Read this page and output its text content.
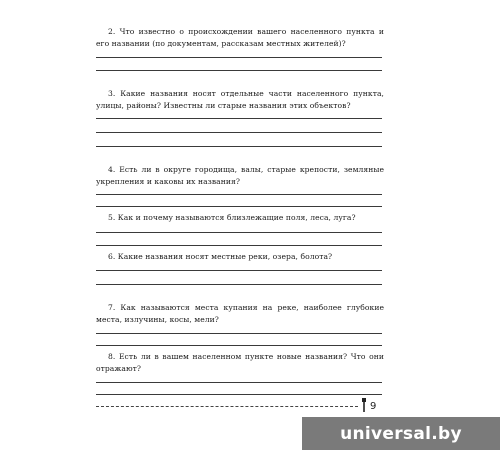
2. Что известно о происхождении вашего населенного пункта и его названии (по документам, рассказам местных жителей)?
3. Какие названия носят отдельные части населенного пункта, улицы, районы? Известны ли старые названия этих объектов?
4. Есть ли в округе городища, валы, старые крепости, земляные укрепления и каковы их названия?
5. Как и почему называются близлежащие поля, леса, луга?
6. Какие названия носят местные реки, озера, болота?
7. Как называются места купания на реке, наиболее глубокие места, излучины, косы, мели?
8. Есть ли в вашем населенном пункте новые названия? Что они отражают?
9
universal.by
